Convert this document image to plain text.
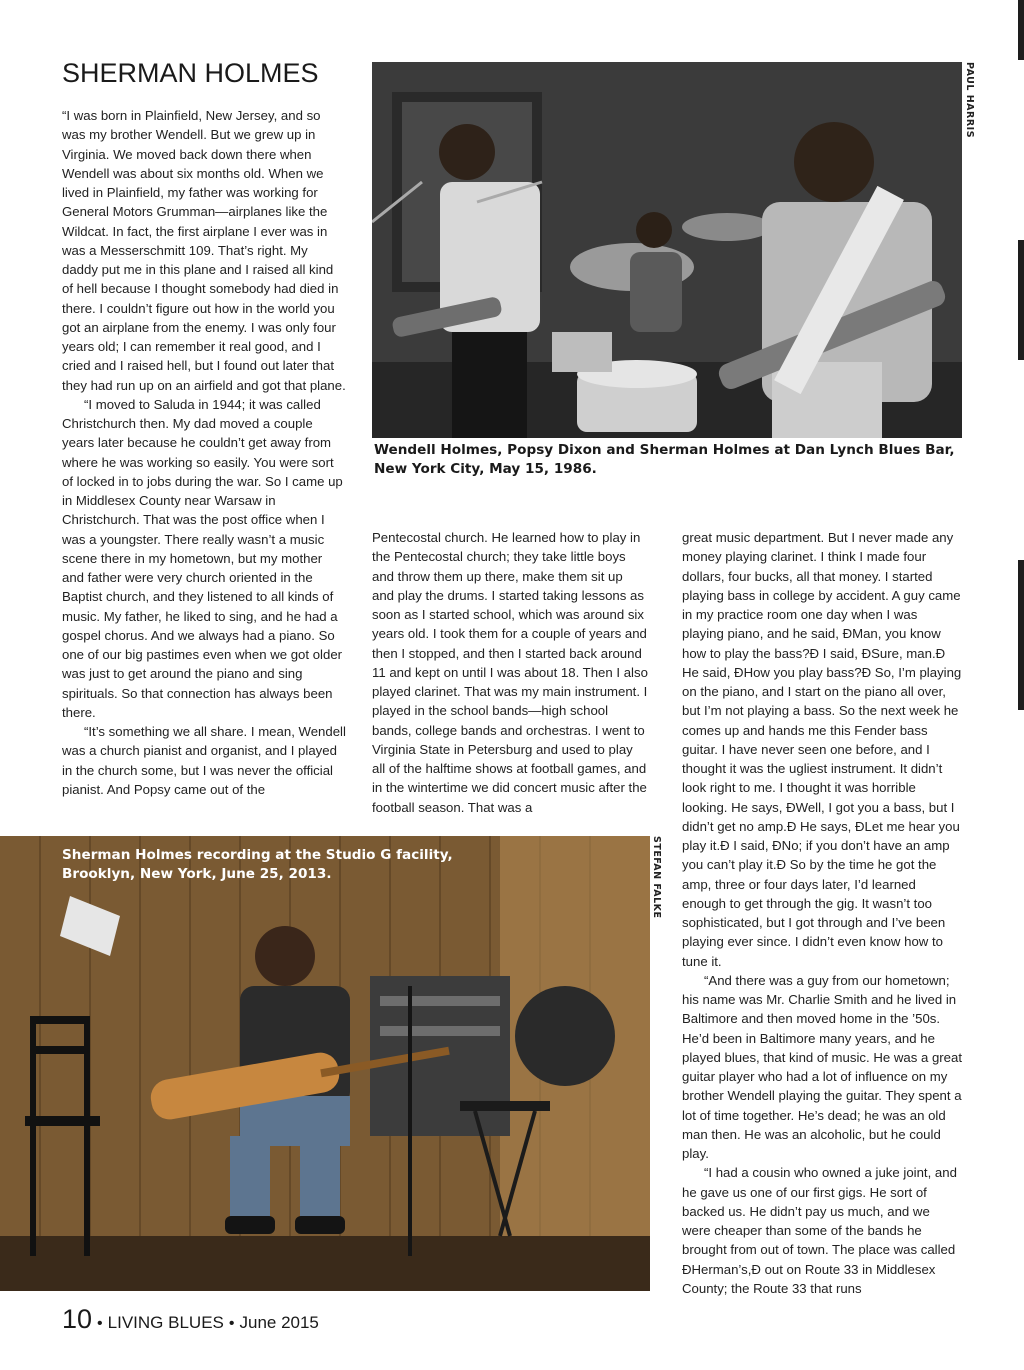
SHERMAN HOLMES

“I was born in Plainfield, New Jersey, and so was my brother Wendell. But we grew up in Virginia. We moved back down there when Wendell was about six months old. When we lived in Plainfield, my father was working for General Motors Grumman—airplanes like the Wildcat. In fact, the first airplane I ever was in was a Messerschmitt 109. That’s right. My daddy put me in this plane and I raised all kind of hell because I thought somebody had died in there. I couldn’t figure out how in the world you got an airplane from the enemy. I was only four years old; I can remember it real good, and I cried and I raised hell, but I found out later that they had run up on an airfield and got that plane.

“I moved to Saluda in 1944; it was called Christchurch then. My dad moved a couple years later because he couldn’t get away from where he was working so easily. You were sort of locked in to jobs during the war. So I came up in Middlesex County near Warsaw in Christchurch. That was the post office when I was a youngster. There really wasn’t a music scene there in my hometown, but my mother and father were very church oriented in the Baptist church, and they listened to all kinds of music. My father, he liked to sing, and he had a gospel chorus. And we always had a piano. So one of our big pastimes even when we got older was just to get around the piano and sing spirituals. So that connection has always been there.

“It’s something we all share. I mean, Wendell was a church pianist and organist, and I played in the church some, but I was never the official pianist. And Popsy came out of the

Wendell Holmes, Popsy Dixon and Sherman Holmes at Dan Lynch Blues Bar, New York City, May 15, 1986.
PAUL HARRIS

Pentecostal church. He learned how to play in the Pentecostal church; they take little boys and throw them up there, make them sit up and play the drums. I started taking lessons as soon as I started school, which was around six years old. I took them for a couple of years and then I stopped, and then I started back around 11 and kept on until I was about 18. Then I also played clarinet. That was my main instrument. I played in the school bands—high school bands, college bands and orchestras. I went to Virginia State in Petersburg and used to play all of the halftime shows at football games, and in the wintertime we did concert music after the football season. That was a

great music department. But I never made any money playing clarinet. I think I made four dollars, four bucks, all that money. I started playing bass in college by accident. A guy came in my practice room one day when I was playing piano, and he said, ÐMan, you know how to play the bass?Ð I said, ÐSure, man.Ð He said, ÐHow you play bass?Ð So, I’m playing on the piano, and I start on the piano all over, but I’m not playing a bass. So the next week he comes up and hands me this Fender bass guitar. I have never seen one before, and I thought it was the ugliest instrument. It didn’t look right to me. I thought it was horrible looking. He says, ÐWell, I got you a bass, but I didn’t get no amp.Ð He says, ÐLet me hear you play it.Ð I said, ÐNo; if you don’t have an amp you can’t play it.Ð So by the time he got the amp, three or four days later, I’d learned enough to get through the gig. It wasn’t too sophisticated, but I got through and I’ve been playing ever since. I didn’t even know how to tune it.

“And there was a guy from our hometown; his name was Mr. Charlie Smith and he lived in Baltimore and then moved home in the ’50s. He’d been in Baltimore many years, and he played blues, that kind of music. He was a great guitar player who had a lot of influence on my brother Wendell playing the guitar. They spent a lot of time together. He’s dead; he was an old man then. He was an alcoholic, but he could play.

“I had a cousin who owned a juke joint, and he gave us one of our first gigs. He sort of backed us. He didn’t pay us much, and we were cheaper than some of the bands he brought from out of town. The place was called ÐHerman’s,Ð out on Route 33 in Middlesex County; the Route 33 that runs

Sherman Holmes recording at the Studio G facility, Brooklyn, New York, June 25, 2013.	STEFAN FALKE
10 • LIVING BLUES • June 2015
